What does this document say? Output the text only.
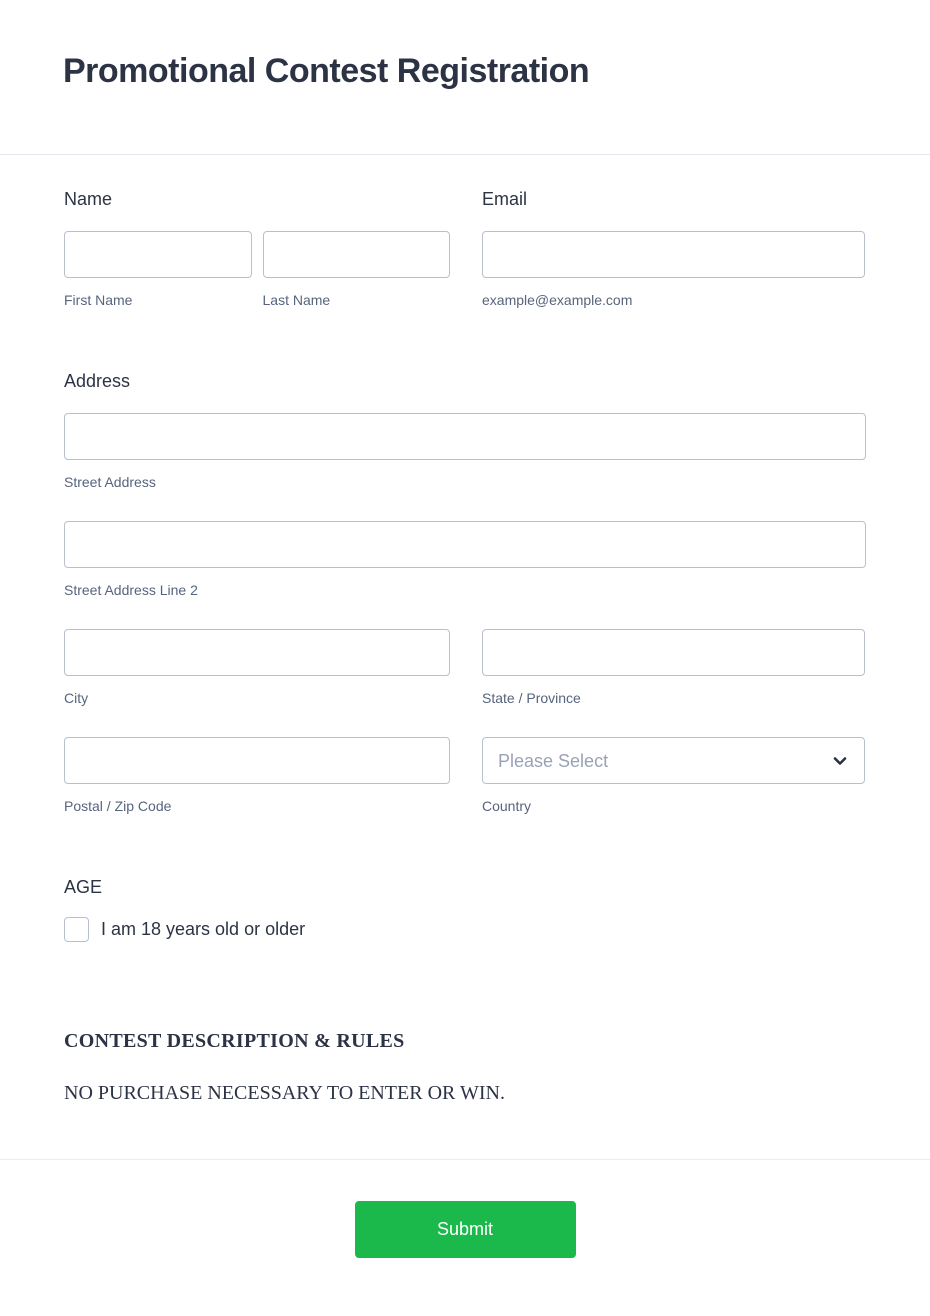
Promotional Contest Registration
Name
First Name	Last Name
Email
example@example.com
Address
Street Address
Street Address Line 2
City	State / Province
Postal / Zip Code
Please Select	Country
AGE
I am 18 years old or older
CONTEST DESCRIPTION & RULES
NO PURCHASE NECESSARY TO ENTER OR WIN.
Submit
